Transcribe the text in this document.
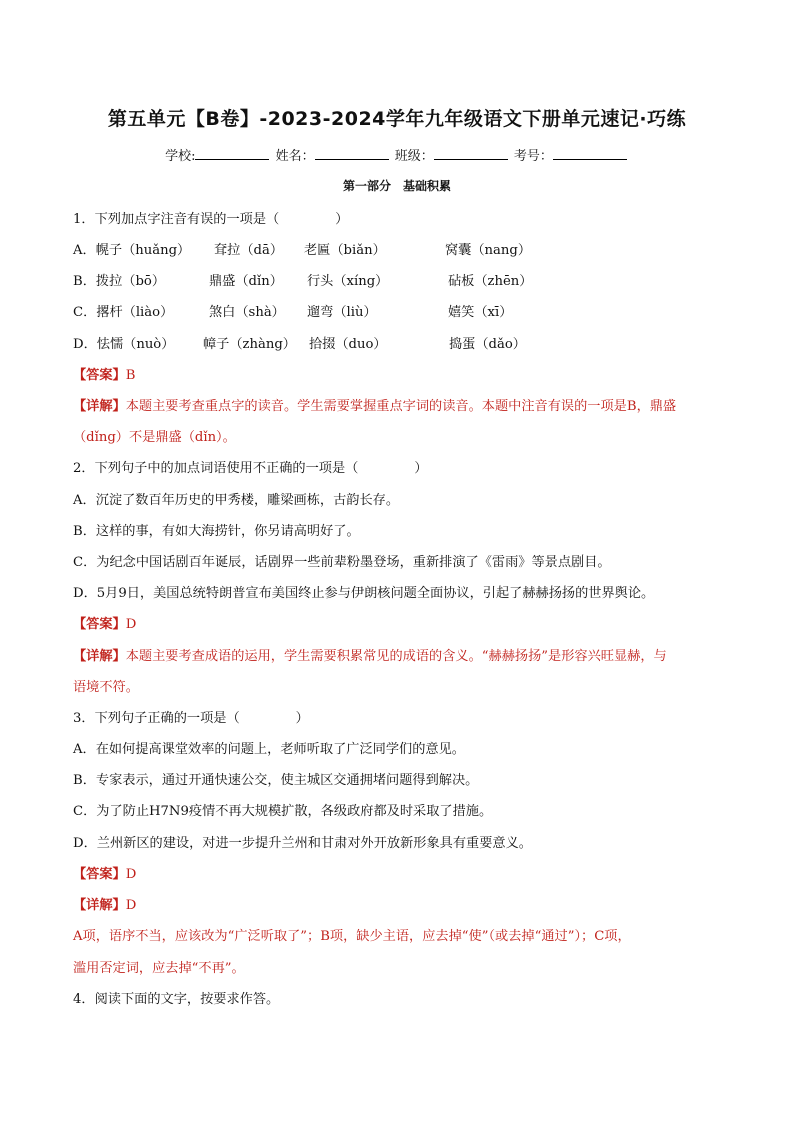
第五单元【B卷】-2023-2024学年九年级语文下册单元速记·巧练
学校:	姓名：	班级：	考号：
第一部分　基础积累
1．下列加点字注音有误的一项是（	）
A．幌子（huǎng） 耷拉（dā） 老匾（biǎn）	窝囊（nang）
B．拨拉（bō）	鼎盛（dǐn） 行头（xíng）	砧板（zhēn）
C．撂杆（liào）	煞白（shà） 遛弯（liù）	嬉笑（xī）
D．怯懦（nuò） 幛子（zhàng） 拾掇（duo）	捣蛋（dǎo）
【答案】B
【详解】本题主要考查重点字的读音。学生需要掌握重点字词的读音。本题中注音有误的一项是B，鼎盛
（dǐng）不是鼎盛（dǐn）。
2．下列句子中的加点词语使用不正确的一项是（	）
A．沉淀了数百年历史的甲秀楼，雕梁画栋，古韵长存。
B．这样的事，有如大海捞针，你另请高明好了。
C．为纪念中国话剧百年诞辰，话剧界一些前辈粉墨登场，重新排演了《雷雨》等景点剧目。
D．5月9日，美国总统特朗普宣布美国终止参与伊朗核问题全面协议，引起了赫赫扬扬的世界舆论。
【答案】D
【详解】本题主要考查成语的运用，学生需要积累常见的成语的含义。“赫赫扬扬”是形容兴旺显赫，与
语境不符。
3．下列句子正确的一项是（	）
A．在如何提高课堂效率的问题上，老师听取了广泛同学们的意见。
B．专家表示，通过开通快速公交，使主城区交通拥堵问题得到解决。
C．为了防止H7N9疫情不再大规模扩散，各级政府都及时采取了措施。
D．兰州新区的建设，对进一步提升兰州和甘肃对外开放新形象具有重要意义。
【答案】D
【详解】D
A项，语序不当，应该改为“广泛听取了”；B项，缺少主语，应去掉“使”（或去掉“通过”）；C项，
滥用否定词，应去掉“不再”。
4．阅读下面的文字，按要求作答。
